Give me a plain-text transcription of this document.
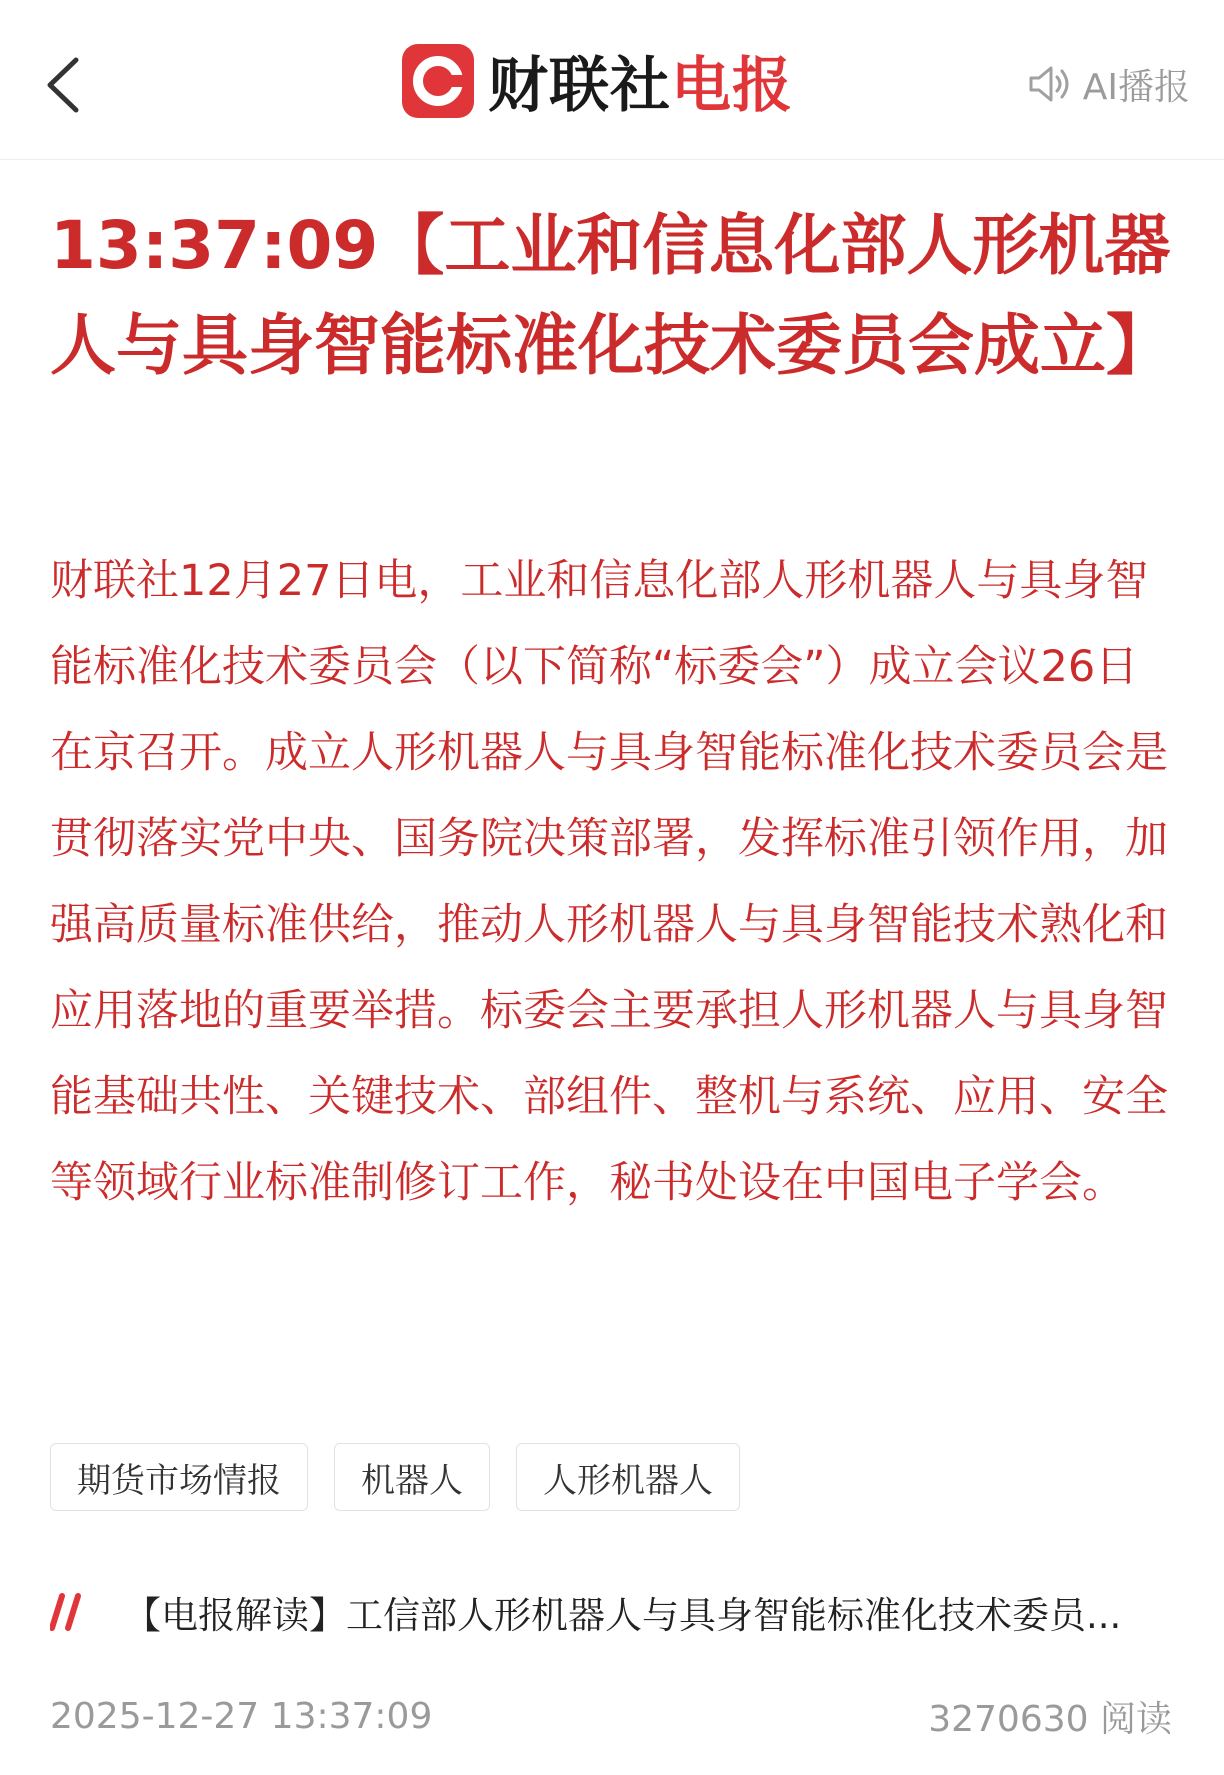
财联社电报	AI播报
13:37:09【工业和信息化部人形机器人与具身智能标准化技术委员会成立】
财联社12月27日电，工业和信息化部人形机器人与具身智能标准化技术委员会（以下简称“标委会”）成立会议26日在京召开。成立人形机器人与具身智能标准化技术委员会是贯彻落实党中央、国务院决策部署，发挥标准引领作用，加强高质量标准供给，推动人形机器人与具身智能技术熟化和应用落地的重要举措。标委会主要承担人形机器人与具身智能基础共性、关键技术、部组件、整机与系统、应用、安全等领域行业标准制修订工作，秘书处设在中国电子学会。
期货市场情报	机器人	人形机器人
【电报解读】工信部人形机器人与具身智能标准化技术委员...
2025-12-27 13:37:09	3270630 阅读
